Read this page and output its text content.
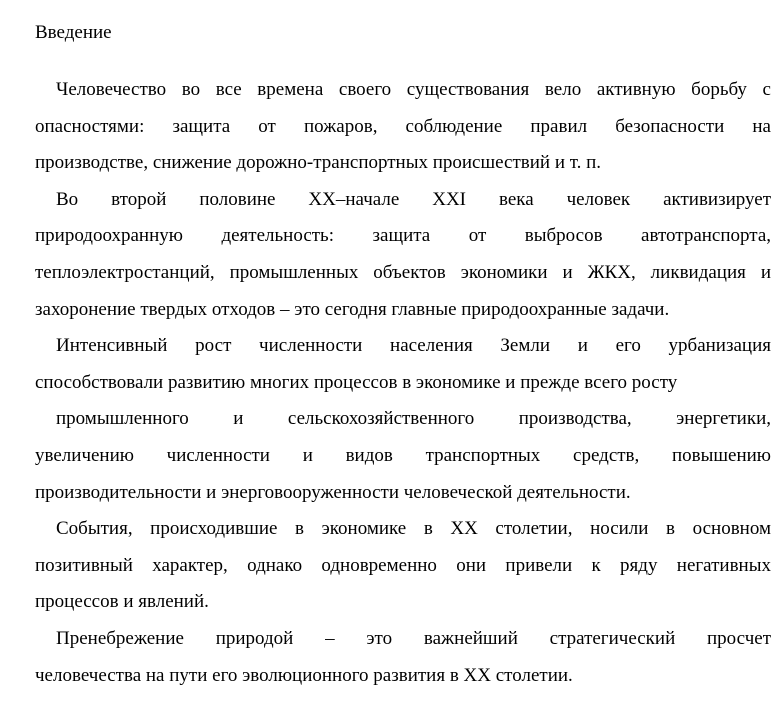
Введение

Человечество во все времена своего существования вело активную борьбу с
опасностями: защита от пожаров, соблюдение правил безопасности на
производстве, снижение дорожно-транспортных происшествий и т. п.

Во второй половине XX–начале XXI века человек активизирует
природоохранную деятельность: защита от выбросов автотранспорта,
теплоэлектростанций, промышленных объектов экономики и ЖКХ, ликвидация и
захоронение твердых отходов – это сегодня главные природоохранные задачи.

Интенсивный рост численности населения Земли и его урбанизация
способствовали развитию многих процессов в экономике и прежде всего росту

промышленного и сельскохозяйственного производства, энергетики,
увеличению численности и видов транспортных средств, повышению
производительности и энерговооруженности человеческой деятельности.

События, происходившие в экономике в XX столетии, носили в основном
позитивный характер, однако одновременно они привели к ряду негативных
процессов и явлений.

Пренебрежение природой – это важнейший стратегический просчет
человечества на пути его эволюционного развития в XX столетии.
